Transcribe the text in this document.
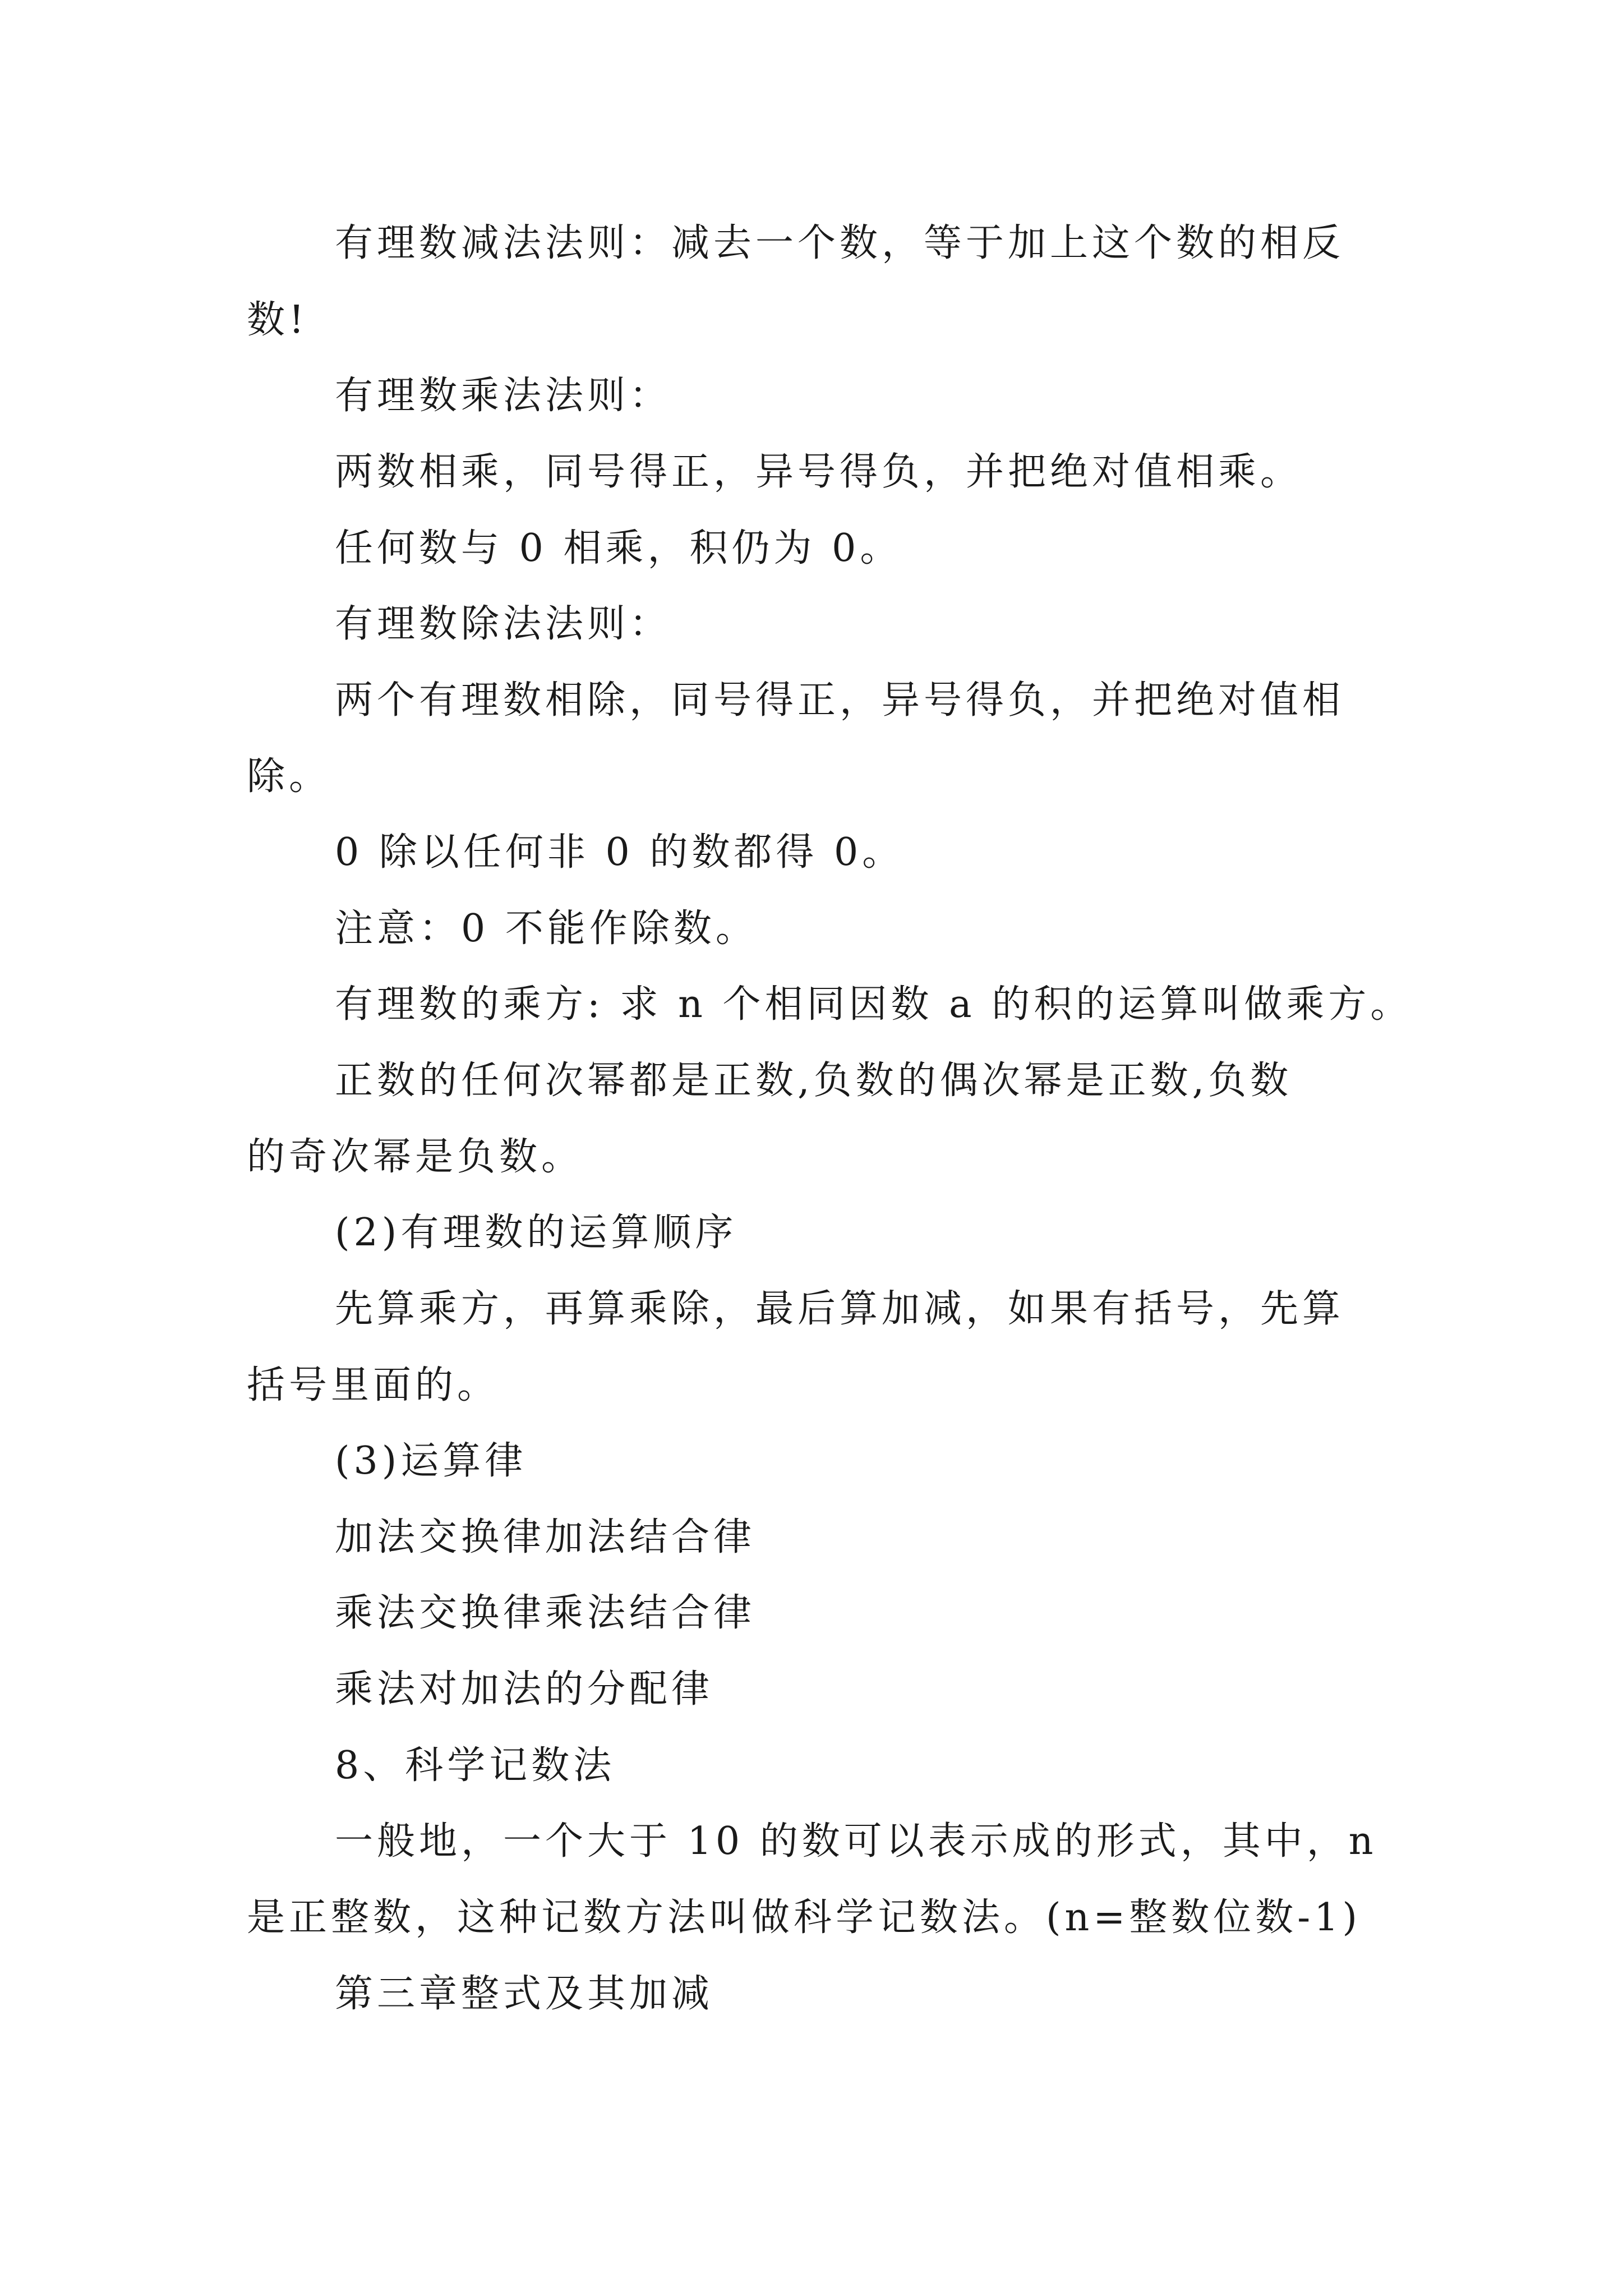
有理数减法法则：减去一个数，等于加上这个数的相反
数!
有理数乘法法则：
两数相乘，同号得正，异号得负，并把绝对值相乘。
任何数与 0 相乘，积仍为 0。
有理数除法法则：
两个有理数相除，同号得正，异号得负，并把绝对值相
除。
0 除以任何非 0 的数都得 0。
注意：0 不能作除数。
有理数的乘方: 求 n 个相同因数 a 的积的运算叫做乘方。
正数的任何次幂都是正数,负数的偶次幂是正数,负数
的奇次幂是负数。
(2)有理数的运算顺序
先算乘方，再算乘除，最后算加减，如果有括号，先算
括号里面的。
(3)运算律
加法交换律加法结合律
乘法交换律乘法结合律
乘法对加法的分配律
8、科学记数法
一般地，一个大于 10 的数可以表示成的形式，其中，n
是正整数，这种记数方法叫做科学记数法。(n=整数位数-1)
第三章整式及其加减
